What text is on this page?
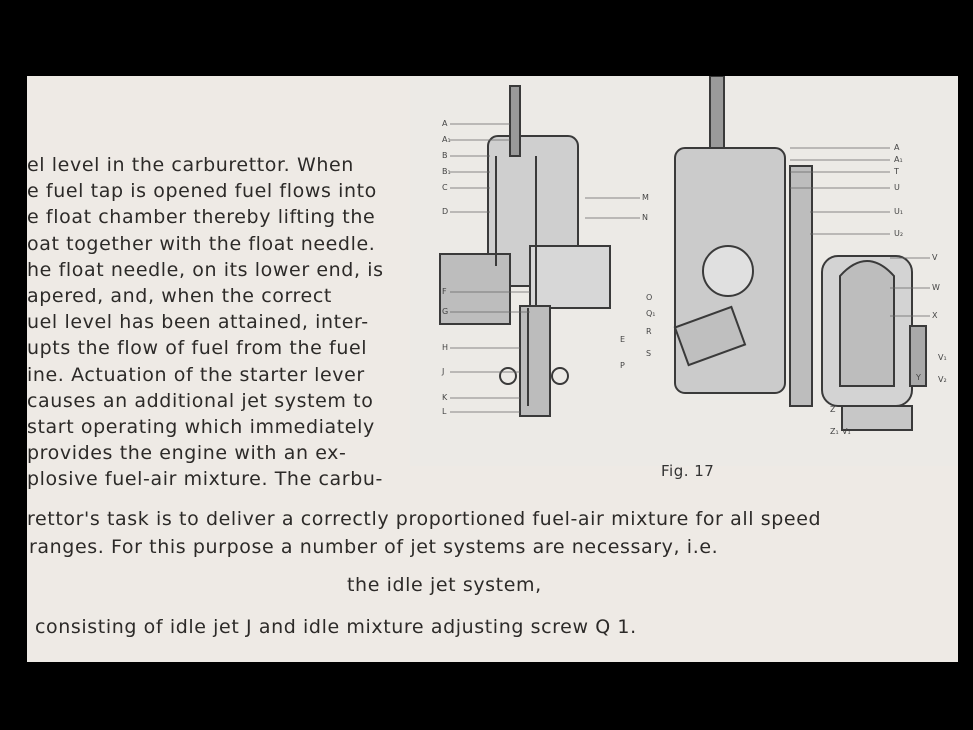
el level in the carburettor. When
e fuel tap is opened fuel flows into
e float chamber thereby lifting the
oat together with the float needle.
he float needle, on its lower end, is
apered, and, when the correct
uel level has been attained, inter-
upts the flow of fuel from the fuel
ine. Actuation of the starter lever
causes an additional jet system to
start operating which immediately
provides the engine with an ex-
plosive fuel-air mixture. The carbu-
rettor's task is to deliver a correctly proportioned fuel-air mixture for all speed
ranges. For this purpose a number of jet systems are necessary, i.e.
the idle jet system,
consisting of idle jet J and idle mixture adjusting screw Q 1.
A
A₁
B
B₁
C
D
F
G
H
J
K
L
M
N
E
P
O
Q₁
R
S
A
A₁
T
U
U₁
U₂
V
W
X
V₁
V₂
Z₁ V₁
Y
Z
Fig. 17
